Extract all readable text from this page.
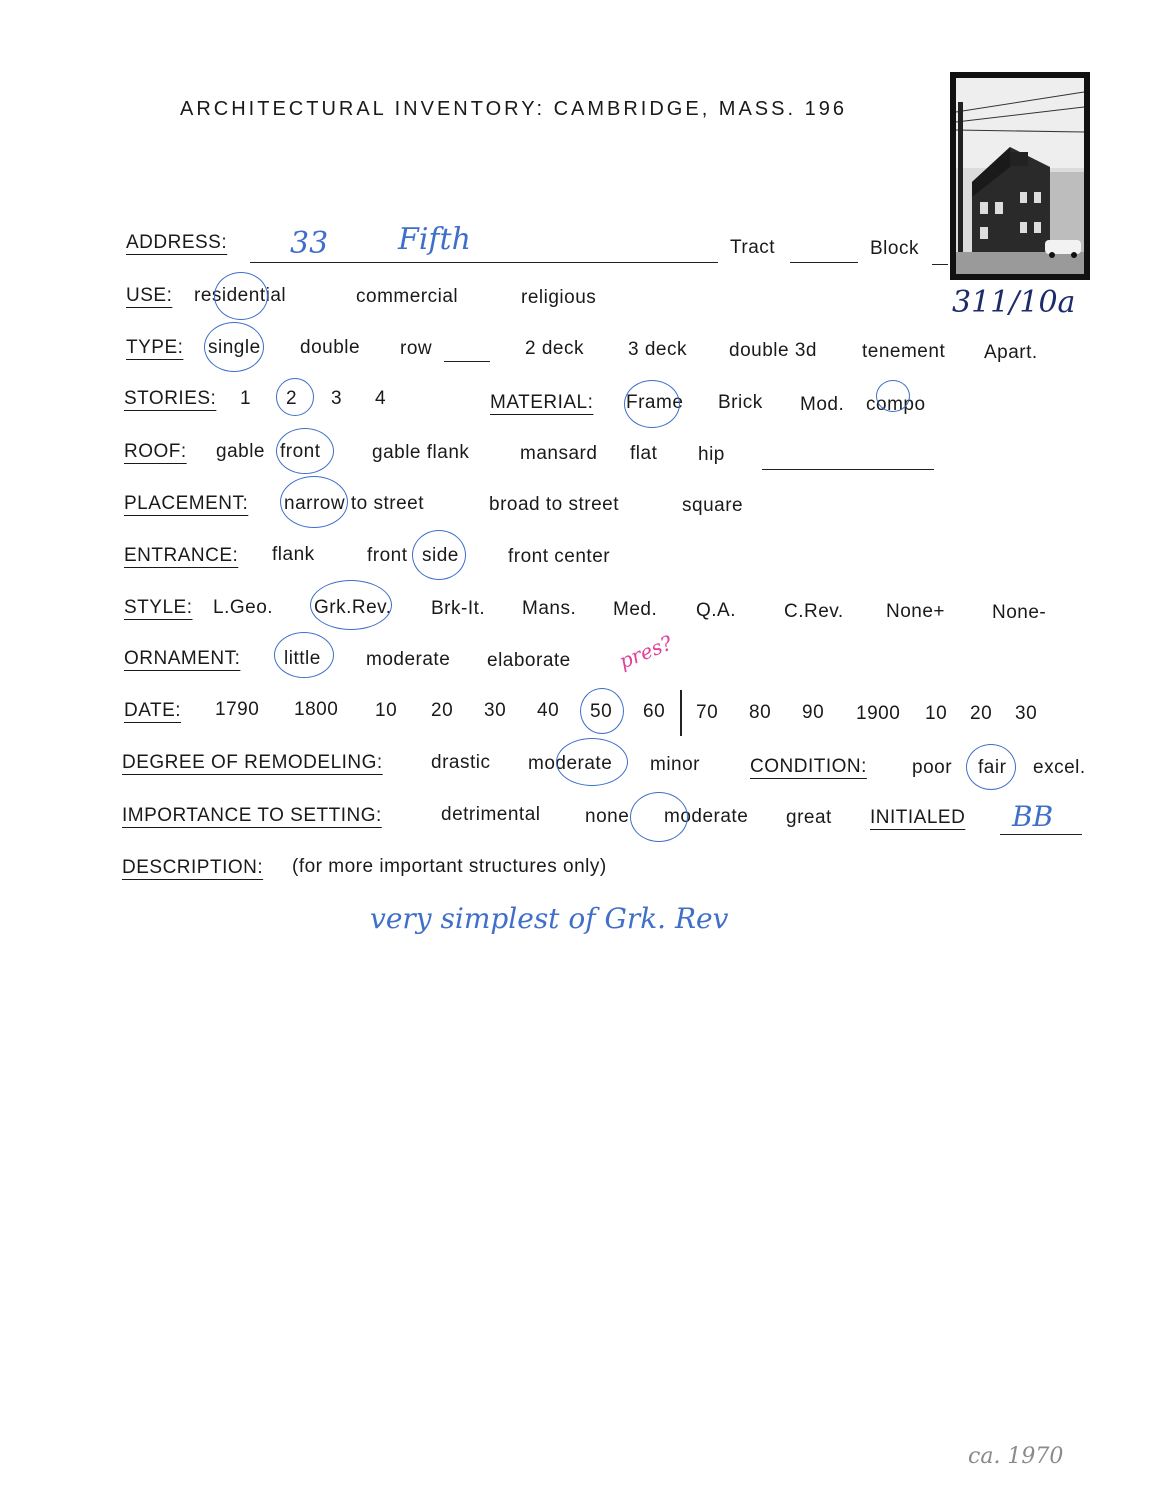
ARCHITECTURAL INVENTORY: CAMBRIDGE, MASS. 196
ADDRESS: 33 Fifth	Tract	Block
311/10a
USE: residential	commercial	religious
TYPE: single double row	2 deck 3 deck double 3d tenement Apart.
STORIES: 1 2 3 4	MATERIAL: Frame Brick Mod. compo
ROOF: gable front	gable flank	mansard flat hip
PLACEMENT: narrow to street	broad to street	square
ENTRANCE: flank	front side	front center
STYLE: L.Geo. Grk.Rev. Brk-It. Mans. Med. Q.A.	C.Rev. None+ None-
ORNAMENT: little moderate elaborate pres?
DATE: 1790 1800 10 20 30 40 50 60 70 80 90 1900 10 20 30
DEGREE OF REMODELING:	drastic moderate minor	CONDITION: poor fair excel.
IMPORTANCE TO SETTING:	detrimental none moderate great INITIALED BB
DESCRIPTION: (for more important structures only)
very simplest of Grk. Rev
ca. 1970
